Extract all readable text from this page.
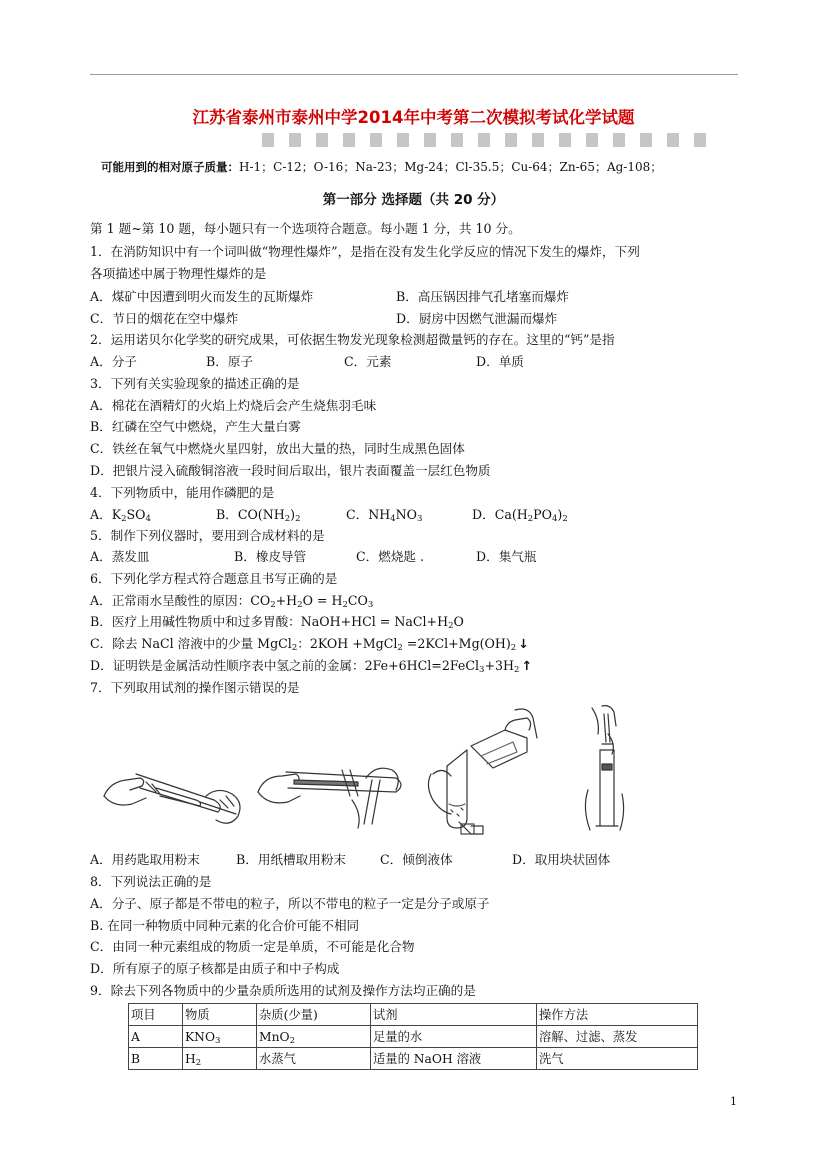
江苏省泰州市泰州中学2014年中考第二次模拟考试化学试题
可能用到的相对原子质量：H-1；C-12；O-16；Na-23；Mg-24；Cl-35.5；Cu-64；Zn-65；Ag-108；
第一部分 选择题（共 20 分）
第 1 题~第 10 题，每小题只有一个选项符合题意。每小题 1 分，共 10 分。
1．在消防知识中有一个词叫做“物理性爆炸”，是指在没有发生化学反应的情况下发生的爆炸，下列
各项描述中属于物理性爆炸的是
A．煤矿中因遭到明火而发生的瓦斯爆炸	B．高压锅因排气孔堵塞而爆炸
C．节日的烟花在空中爆炸	D．厨房中因燃气泄漏而爆炸
2．运用诺贝尔化学奖的研究成果，可依据生物发光现象检测超微量钙的存在。这里的“钙”是指
A．分子	B．原子	C．元素	D．单质
3．下列有关实验现象的描述正确的是
A．棉花在酒精灯的火焰上灼烧后会产生烧焦羽毛味
B．红磷在空气中燃烧，产生大量白雾
C．铁丝在氧气中燃烧火星四射，放出大量的热，同时生成黑色固体
D．把银片浸入硫酸铜溶液一段时间后取出，银片表面覆盖一层红色物质
4．下列物质中，能用作磷肥的是
A．$K_2SO_4$	B．$CO(NH_2)_2$	C．$NH_4NO_3$	D．$Ca(H_2PO_4)_2$
5．制作下列仪器时，要用到合成材料的是
A．蒸发皿	B．橡皮导管	C．燃烧匙 .	D．集气瓶
6．下列化学方程式符合题意且书写正确的是
A．正常雨水呈酸性的原因：$CO_2+H_2O = H_2CO_3$
B．医疗上用碱性物质中和过多胃酸：NaOH+HCl = $NaCl+H_2O$
C．除去 NaCl 溶液中的少量 MgCl$_2$：2KOH +MgCl$_2$ $=2KCl+Mg(OH)_2$ ↓
D．证明铁是金属活动性顺序表中氢之前的金属：$2Fe+6HCl=2FeCl_3+3H_2$ ↑
7．下列取用试剂的操作图示错误的是
A．用药匙取用粉末	B．用纸槽取用粉末	C．倾倒液体	D．取用块状固体
8．下列说法正确的是
A．分子、原子都是不带电的粒子，所以不带电的粒子一定是分子或原子
B. 在同一种物质中同种元素的化合价可能不相同
C．由同一种元素组成的物质一定是单质，不可能是化合物
D．所有原子的原子核都是由质子和中子构成
9．除去下列各物质中的少量杂质所选用的试剂及操作方法均正确的是
项目	物质	杂质(少量)	试剂	操作方法
A	$KNO_3$	MnO$_2$	足量的水	溶解、过滤、蒸发
B	$H_2$	水蒸气	适量的 NaOH 溶液	洗气
1
